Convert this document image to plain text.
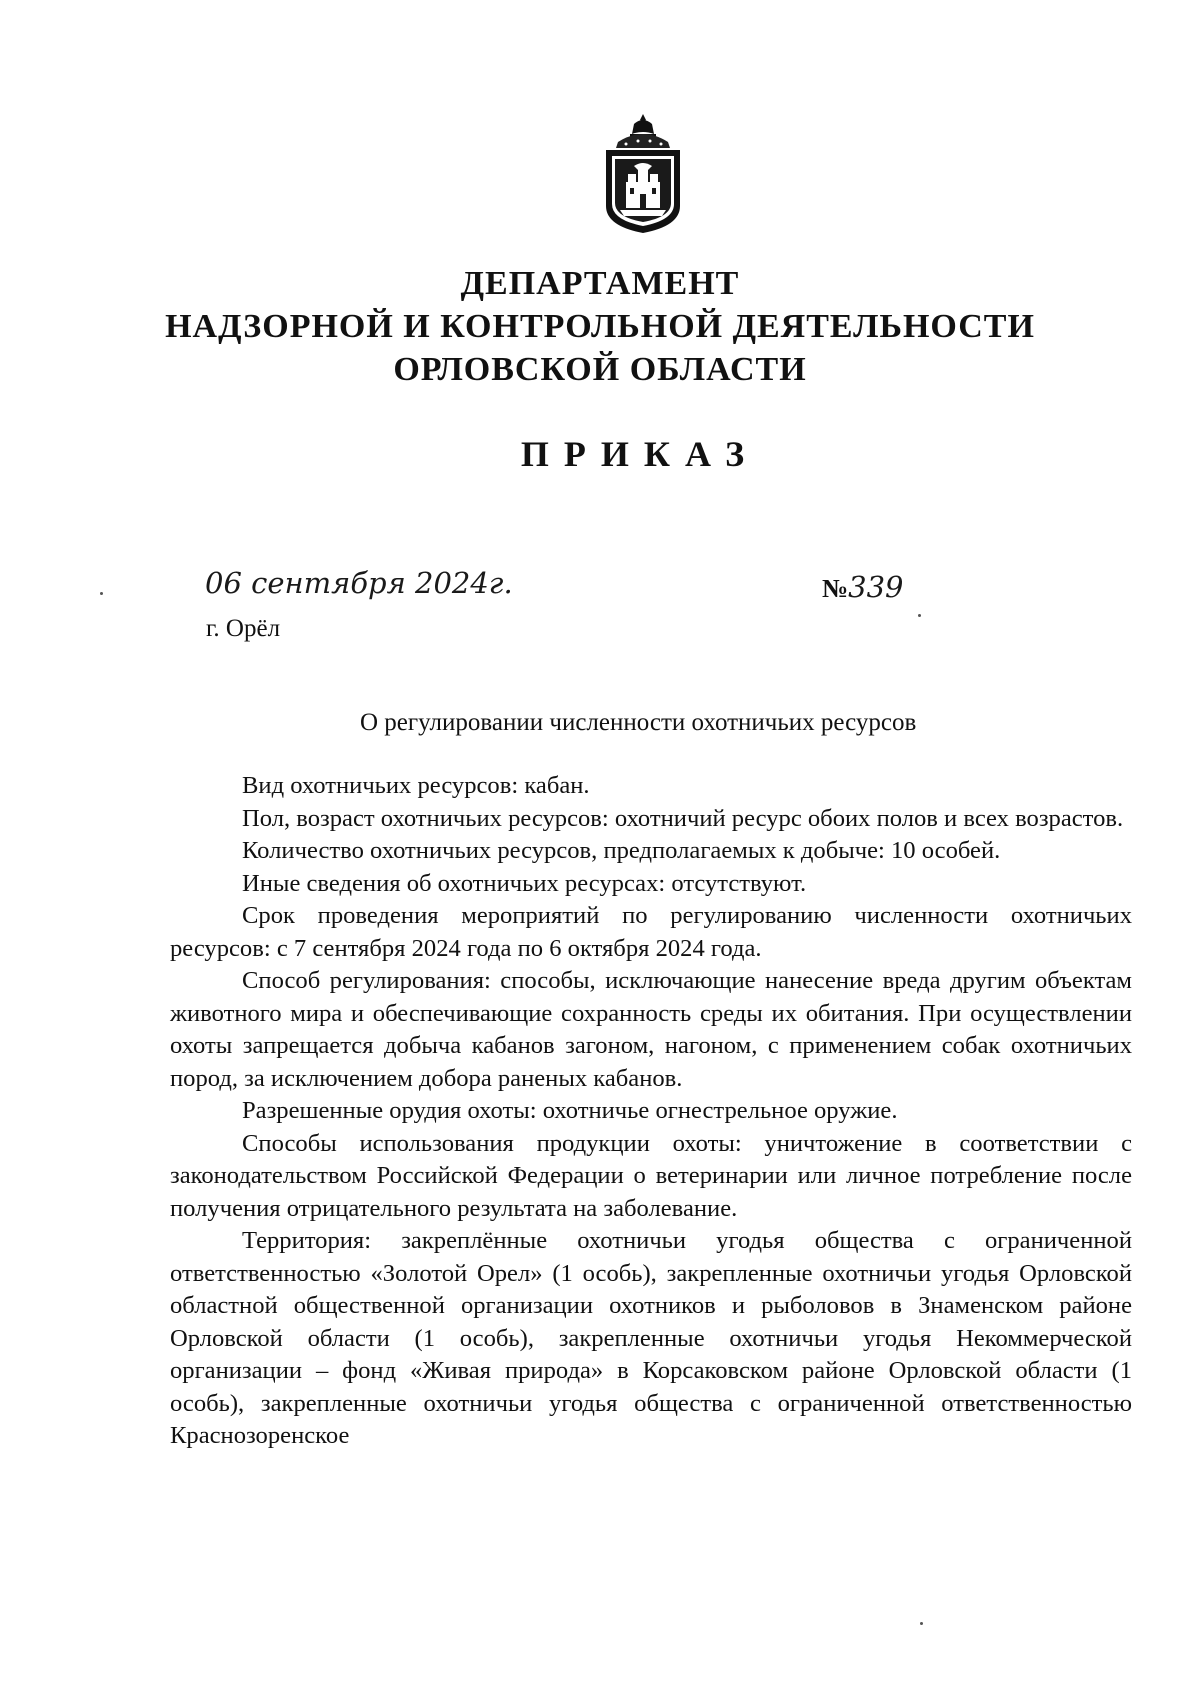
ДЕПАРТАМЕНТ
НАДЗОРНОЙ И КОНТРОЛЬНОЙ ДЕЯТЕЛЬНОСТИ
ОРЛОВСКОЙ ОБЛАСТИ
ПРИКАЗ
06 сентября 2024г.	№339
г. Орёл
О регулировании численности охотничьих ресурсов

Вид охотничьих ресурсов: кабан.

Пол, возраст охотничьих ресурсов: охотничий ресурс обоих полов и всех возрастов.

Количество охотничьих ресурсов, предполагаемых к добыче: 10 особей.

Иные сведения об охотничьих ресурсах: отсутствуют.

Срок проведения мероприятий по регулированию численности охотничьих ресурсов: с 7 сентября 2024 года по 6 октября 2024 года.

Способ регулирования: способы, исключающие нанесение вреда другим объектам животного мира и обеспечивающие сохранность среды их обитания. При осуществлении охоты запрещается добыча кабанов загоном, нагоном, с применением собак охотничьих пород, за исключением добора раненых кабанов.

Разрешенные орудия охоты: охотничье огнестрельное оружие.

Способы использования продукции охоты: уничтожение в соответствии с законодательством Российской Федерации о ветеринарии или личное потребление после получения отрицательного результата на заболевание.

Территория: закреплённые охотничьи угодья общества с ограниченной ответственностью «Золотой Орел» (1 особь), закрепленные охотничьи угодья Орловской областной общественной организации охотников и рыболовов в Знаменском районе Орловской области (1 особь), закрепленные охотничьи угодья Некоммерческой организации – фонд «Живая природа» в Корсаковском районе Орловской области (1 особь), закрепленные охотничьи угодья общества с ограниченной ответственностью Краснозоренское
